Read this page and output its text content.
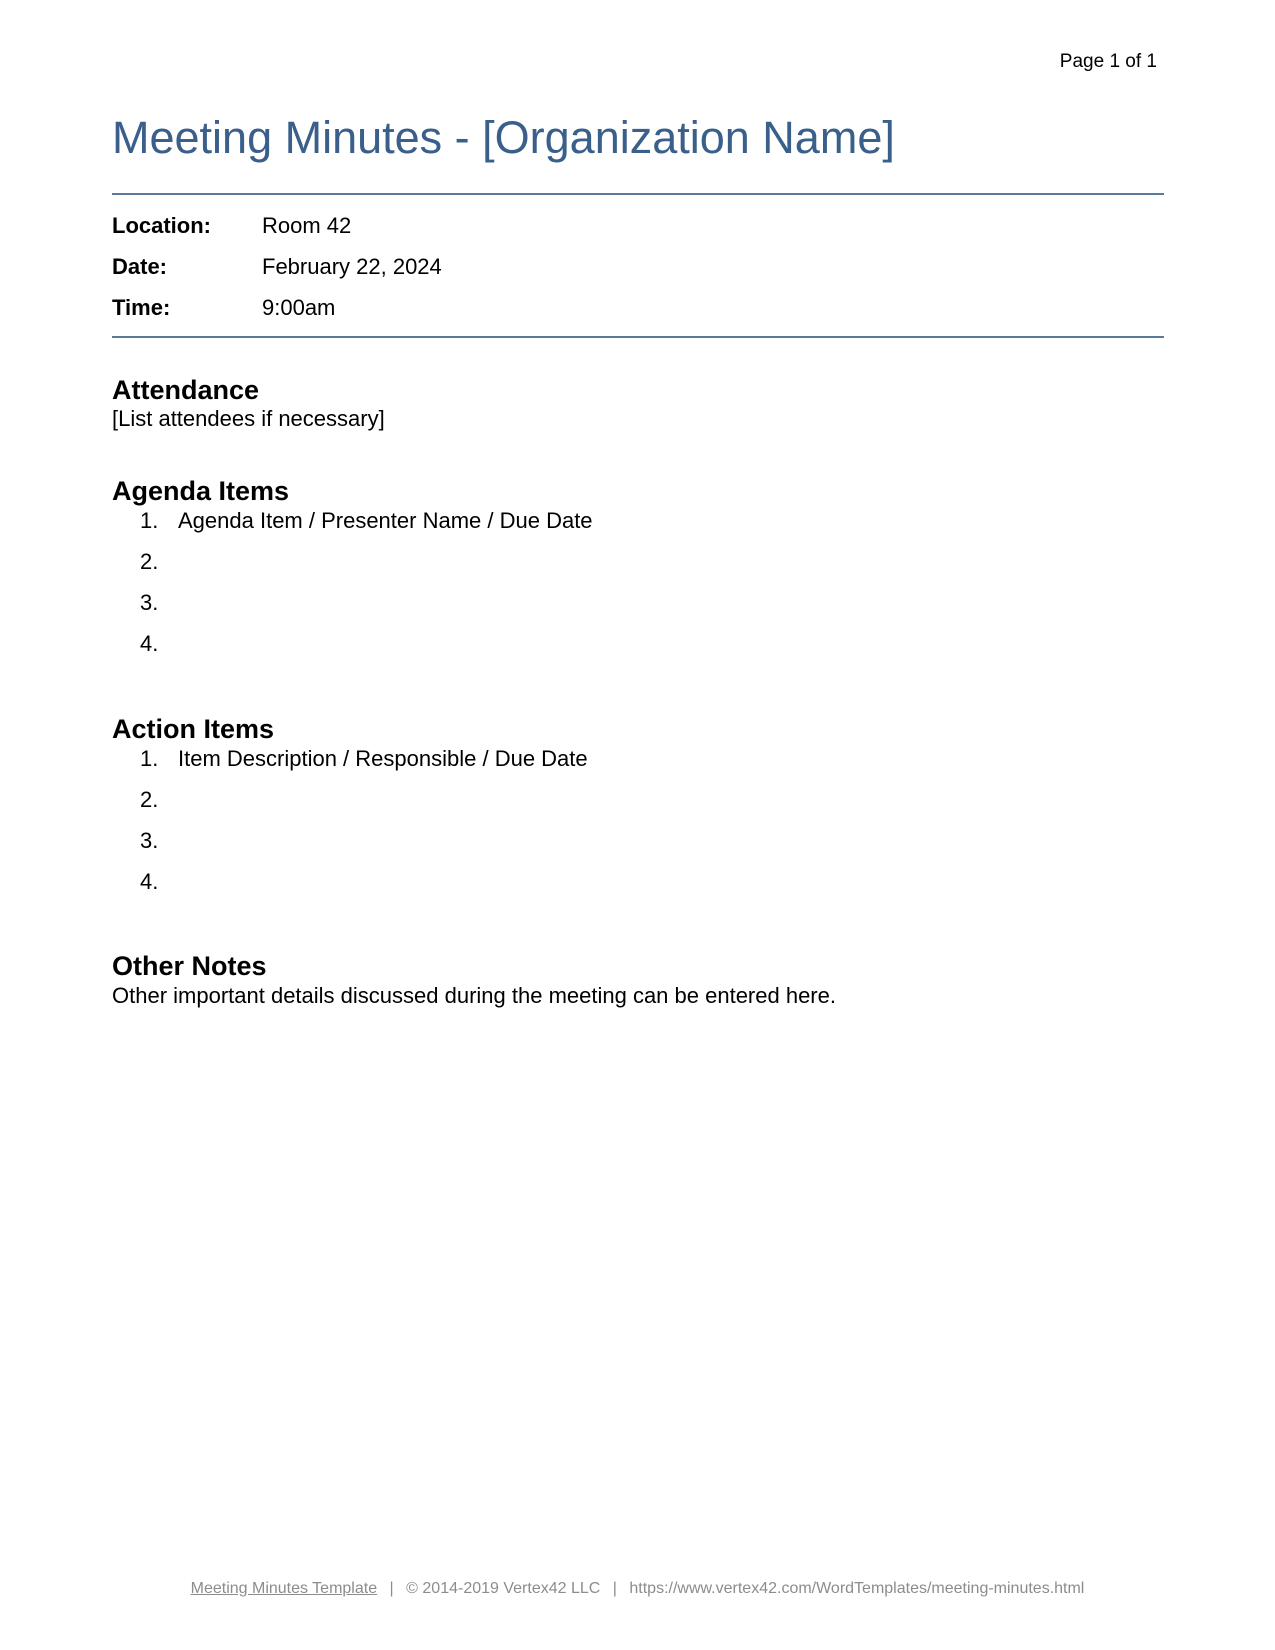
Page 1 of 1
Meeting Minutes - [Organization Name]
Location: Room 42
Date:	February 22, 2024
Time:	9:00am
Attendance
[List attendees if necessary]
Agenda Items
1. Agenda Item / Presenter Name / Due Date
2.
3.
4.
Action Items
1. Item Description / Responsible / Due Date
2.
3.
4.
Other Notes
Other important details discussed during the meeting can be entered here.
Meeting Minutes Template | © 2014-2019 Vertex42 LLC | https://www.vertex42.com/WordTemplates/meeting-minutes.html
